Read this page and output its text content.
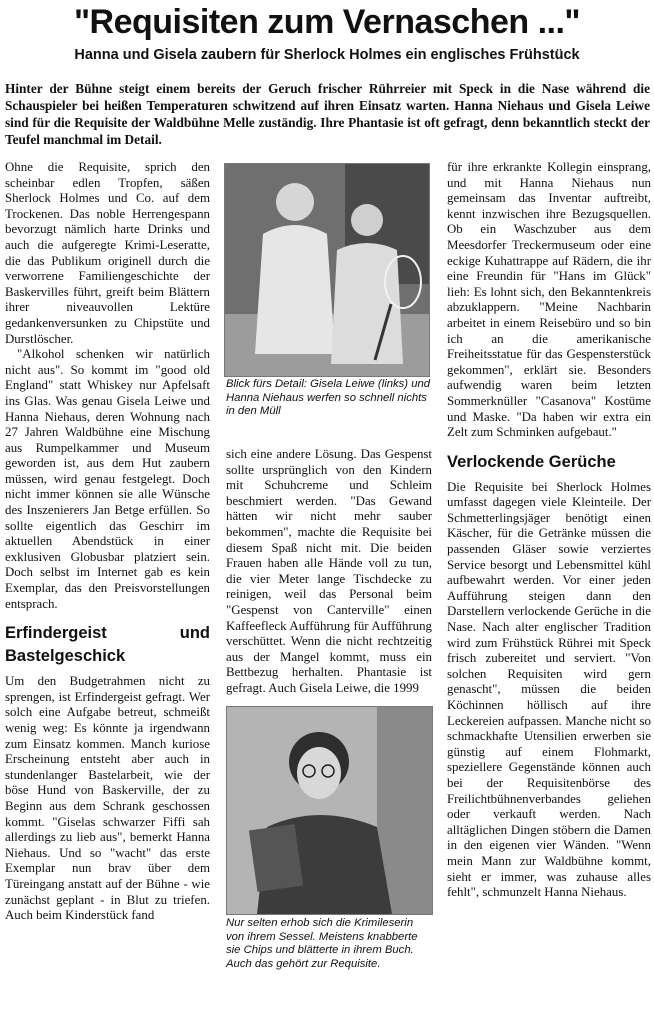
"Requisiten zum Vernaschen ..."
Hanna und Gisela zaubern für Sherlock Holmes ein englisches Frühstück

Hinter der Bühne steigt einem bereits der Geruch frischer Rührreier mit Speck in die Nase während die Schauspieler bei heißen Temperaturen schwitzend auf ihren Einsatz warten. Hanna Niehaus und Gisela Leiwe sind für die Requisite der Waldbühne Melle zuständig. Ihre Phantasie ist oft gefragt, denn bekanntlich steckt der Teufel manchmal im Detail.

Ohne die Requisite, sprich den scheinbar edlen Tropfen, säßen Sherlock Holmes und Co. auf dem Trockenen. Das noble Herrengespann bevorzugt nämlich harte Drinks und auch die aufgeregte Krimi-Leseratte, die das Publikum originell durch die verworrene Familiengeschichte der Baskervilles führt, greift beim Blättern ihrer niveauvollen Lektüre gedankenversunken zu Chipstüte und Durstlöscher.

"Alkohol schenken wir natürlich nicht aus". So kommt im "good old England" statt Whiskey nur Apfelsaft ins Glas. Was genau Gisela Leiwe und Hanna Niehaus, deren Wohnung nach 27 Jahren Waldbühne eine Mischung aus Rumpelkammer und Museum geworden ist, aus dem Hut zaubern müssen, wird genau festgelegt. Doch nicht immer können sie alle Wünsche des Inszenierers Jan Betge erfüllen. So sollte eigentlich das Geschirr im aktuellen Abendstück in einer exklusiven Globusbar platziert sein. Doch selbst im Internet gab es kein Exemplar, das den Preisvorstellungen entsprach.

Erfindergeist und Bastelgeschick

Um den Budgetrahmen nicht zu sprengen, ist Erfindergeist gefragt. Wer solch eine Aufgabe betreut, schmeißt wenig weg: Es könnte ja irgendwann zum Einsatz kommen. Manch kuriose Erscheinung entsteht aber auch in stundenlanger Bastelarbeit, wie der böse Hund von Baskerville, der zu Beginn aus dem Schrank geschossen kommt. "Giselas schwarzer Fiffi sah allerdings zu lieb aus", bemerkt Hanna Niehaus. Und so "wacht" das erste Exemplar nun brav über dem Türeingang anstatt auf der Bühne - wie zunächst geplant - in Blut zu triefen. Auch beim Kinderstück fand

Blick fürs Detail: Gisela Leiwe (links) und Hanna Niehaus werfen so schnell nichts in den Müll

sich eine andere Lösung. Das Gespenst sollte ursprünglich von den Kindern mit Schuhcreme und Schleim beschmiert werden. "Das Gewand hätten wir nicht mehr sauber bekommen", machte die Requisite bei diesem Spaß nicht mit. Die beiden Frauen haben alle Hände voll zu tun, die vier Meter lange Tischdecke zu reinigen, weil das Personal beim "Gespenst von Canterville" einen Kaffeefleck Aufführung für Aufführung verschüttet. Wenn die nicht rechtzeitig aus der Mangel kommt, muss ein Bettbezug herhalten. Phantasie ist gefragt. Auch Gisela Leiwe, die 1999

Nur selten erhob sich die Krimileserin von ihrem Sessel. Meistens knabberte sie Chips und blätterte in ihrem Buch. Auch das gehört zur Requisite.

für ihre erkrankte Kollegin einsprang, und mit Hanna Niehaus nun gemeinsam das Inventar auftreibt, kennt inzwischen ihre Bezugsquellen. Ob ein Waschzuber aus dem Meesdorfer Treckermuseum oder eine eckige Kuhattrappe auf Rädern, die ihr eine Freundin für "Hans im Glück" lieh: Es lohnt sich, den Bekanntenkreis abzuklappern. "Meine Nachbarin arbeitet in einem Reisebüro und so bin ich an die amerikanische Freiheitsstatue für das Gespensterstück gekommen", erklärt sie. Besonders aufwendig waren beim letzten Sommerknüller "Casanova" Kostüme und Maske. "Da haben wir extra ein Zelt zum Schminken aufgebaut."

Verlockende Gerüche

Die Requisite bei Sherlock Holmes umfasst dagegen viele Kleinteile. Der Schmetterlingsjäger benötigt einen Käscher, für die Getränke müssen die passenden Gläser sowie verziertes Service besorgt und Lebensmittel kühl aufbewahrt werden. Vor einer jeden Aufführung steigen dann den Darstellern verlockende Gerüche in die Nase. Nach alter englischer Tradition wird zum Frühstück Rührei mit Speck frisch zubereitet und serviert. "Von solchen Requisiten wird gern genascht", müssen die beiden Köchinnen höllisch auf ihre Leckereien aufpassen. Manche nicht so schmackhafte Utensilien erwerben sie günstig auf einem Flohmarkt, speziellere Gegenstände können auch bei der Requisitenbörse des Freilichtbühnenverbandes geliehen oder verkauft werden. Nach alltäglichen Dingen stöbern die Damen in den eigenen vier Wänden. "Wenn mein Mann zur Waldbühne kommt, sieht er immer, was zuhause alles fehlt", schmunzelt Hanna Niehaus.
